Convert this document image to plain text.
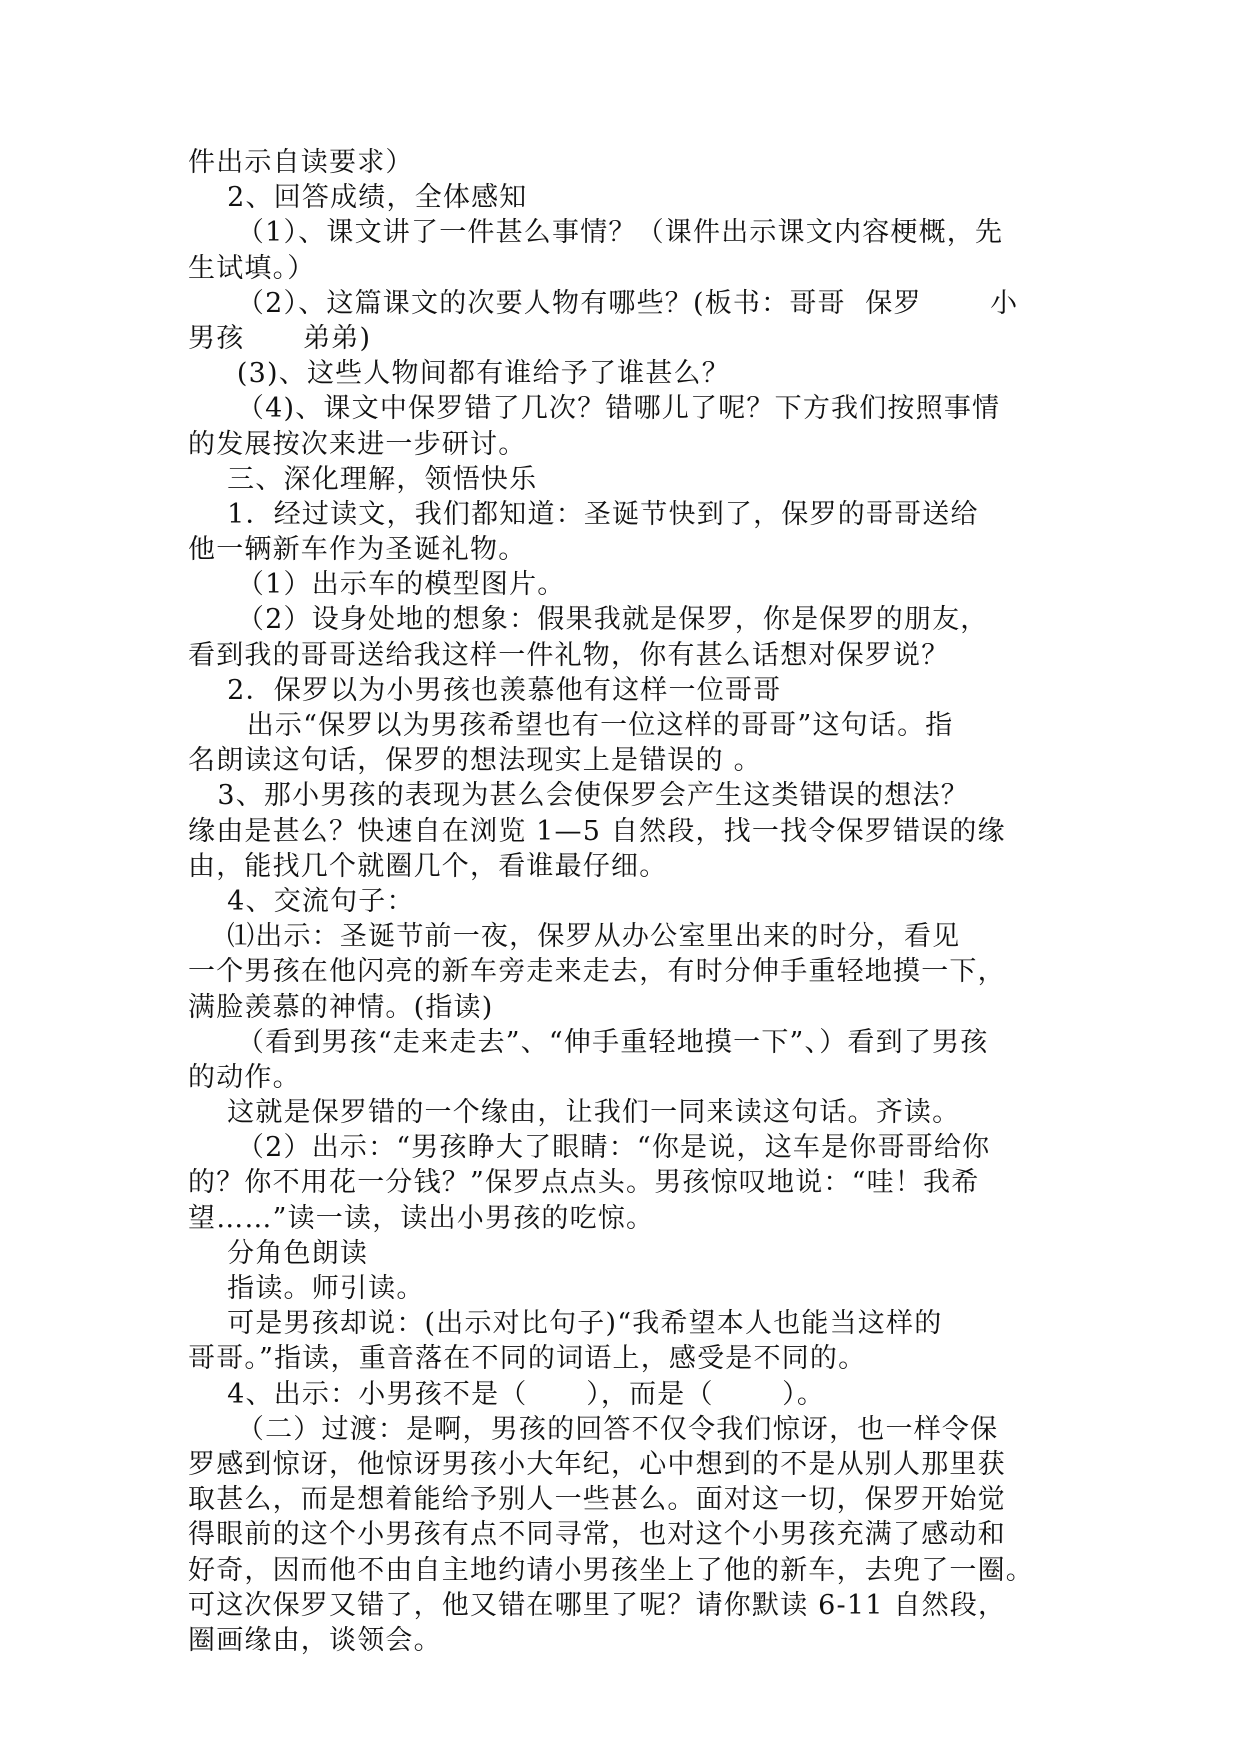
件出示自读要求）
2、回答成绩，全体感知
（1）、课文讲了一件甚么事情？（课件出示课文内容梗概，先
生试填。）
（2）、这篇课文的次要人物有哪些？(板书：哥哥  保罗       小
男孩      弟弟)
(3)、这些人物间都有谁给予了谁甚么？
（4)、课文中保罗错了几次？错哪儿了呢？下方我们按照事情
的发展按次来进一步研讨。
三、深化理解，领悟快乐
1．经过读文，我们都知道：圣诞节快到了，保罗的哥哥送给
他一辆新车作为圣诞礼物。
（1）出示车的模型图片。
（2）设身处地的想象：假果我就是保罗，你是保罗的朋友，
看到我的哥哥送给我这样一件礼物，你有甚么话想对保罗说？
2．保罗以为小男孩也羡慕他有这样一位哥哥
出示“保罗以为男孩希望也有一位这样的哥哥”这句话。指
名朗读这句话，保罗的想法现实上是错误的 。
3、那小男孩的表现为甚么会使保罗会产生这类错误的想法？
缘由是甚么？快速自在浏览 1—5 自然段，找一找令保罗错误的缘
由，能找几个就圈几个，看谁最仔细。
4、交流句子：
⑴出示：圣诞节前一夜，保罗从办公室里出来的时分，看见
一个男孩在他闪亮的新车旁走来走去，有时分伸手重轻地摸一下，
满脸羡慕的神情。(指读)
（看到男孩“走来走去”、“伸手重轻地摸一下”、）看到了男孩
的动作。
这就是保罗错的一个缘由，让我们一同来读这句话。齐读。
（2）出示：“男孩睁大了眼睛：“你是说，这车是你哥哥给你
的？你不用花一分钱？”保罗点点头。男孩惊叹地说：“哇！我希
望……”读一读，读出小男孩的吃惊。
分角色朗读
指读。师引读。
可是男孩却说：(出示对比句子)“我希望本人也能当这样的
哥哥。”指读，重音落在不同的词语上，感受是不同的。
4、出示：小男孩不是（      ），而是（       ）。
（二）过渡：是啊，男孩的回答不仅令我们惊讶，也一样令保
罗感到惊讶，他惊讶男孩小大年纪，心中想到的不是从别人那里获
取甚么，而是想着能给予别人一些甚么。面对这一切，保罗开始觉
得眼前的这个小男孩有点不同寻常，也对这个小男孩充满了感动和
好奇，因而他不由自主地约请小男孩坐上了他的新车，去兜了一圈。
可这次保罗又错了，他又错在哪里了呢？请你默读 6-11 自然段，
圈画缘由，谈领会。
